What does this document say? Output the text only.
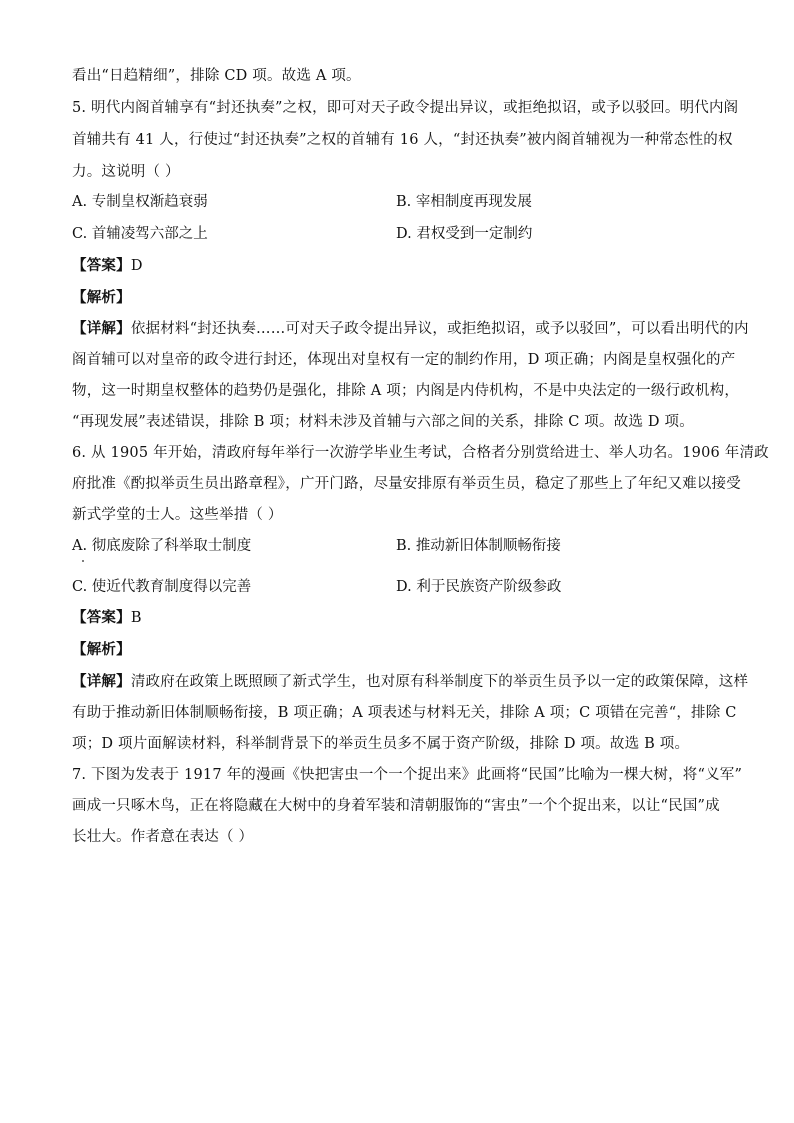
看出“日趋精细”，排除 CD 项。故选 A 项。
5. 明代内阁首辅享有“封还执奏”之权，即可对天子政令提出异议，或拒绝拟诏，或予以驳回。明代内阁
首辅共有 41 人，行使过“封还执奏”之权的首辅有 16 人，“封还执奏”被内阁首辅视为一种常态性的权
力。这说明（ ）
A. 专制皇权渐趋衰弱	B. 宰相制度再现发展
C. 首辅凌驾六部之上	D. 君权受到一定制约
【答案】D
【解析】
【详解】依据材料“封还执奏……可对天子政令提出异议，或拒绝拟诏，或予以驳回”，可以看出明代的内
阁首辅可以对皇帝的政令进行封还，体现出对皇权有一定的制约作用，D 项正确；内阁是皇权强化的产
物，这一时期皇权整体的趋势仍是强化，排除 A 项；内阁是内侍机构，不是中央法定的一级行政机构，
“再现发展”表述错误，排除 B 项；材料未涉及首辅与六部之间的关系，排除 C 项。故选 D 项。
6. 从 1905 年开始，清政府每年举行一次游学毕业生考试，合格者分别赏给进士、举人功名。1906 年清政
府批准《酌拟举贡生员出路章程》，广开门路，尽量安排原有举贡生员，稳定了那些上了年纪又难以接受
新式学堂的士人。这些举措（ ）
A. 彻底废除了科举取士制度	B. 推动新旧体制顺畅衔接
C. 使近代教育制度得以完善	D. 利于民族资产阶级参政
【答案】B
【解析】
【详解】清政府在政策上既照顾了新式学生，也对原有科举制度下的举贡生员予以一定的政策保障，这样
有助于推动新旧体制顺畅衔接，B 项正确；A 项表述与材料无关，排除 A 项；C 项错在完善“，排除 C
项；D 项片面解读材料，科举制背景下的举贡生员多不属于资产阶级，排除 D 项。故选 B 项。
7. 下图为发表于 1917 年的漫画《快把害虫一个一个捉出来》此画将“民国”比喻为一棵大树，将“义军”
画成一只啄木鸟，正在将隐藏在大树中的身着军装和清朝服饰的“害虫”一个个捉出来，以让“民国”成
长壮大。作者意在表达（ ）
